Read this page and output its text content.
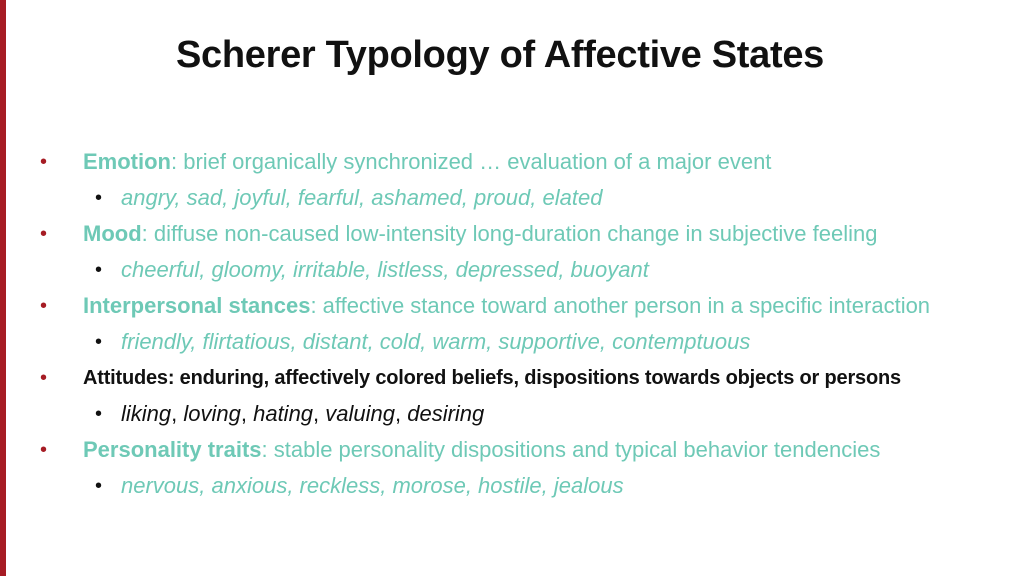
Scherer Typology of Affective States
• Emotion: brief organically synchronized … evaluation of a major event
• angry, sad, joyful, fearful, ashamed, proud, elated
• Mood: diffuse non-caused low-intensity long-duration change in subjective feeling
• cheerful, gloomy, irritable, listless, depressed, buoyant
• Interpersonal stances: affective stance toward another person in a specific interaction
• friendly, flirtatious, distant, cold, warm, supportive, contemptuous
• Attitudes: enduring, affectively colored beliefs, dispositions towards objects or persons
• liking, loving, hating, valuing, desiring
• Personality traits: stable personality dispositions and typical behavior tendencies
• nervous, anxious, reckless, morose, hostile, jealous
